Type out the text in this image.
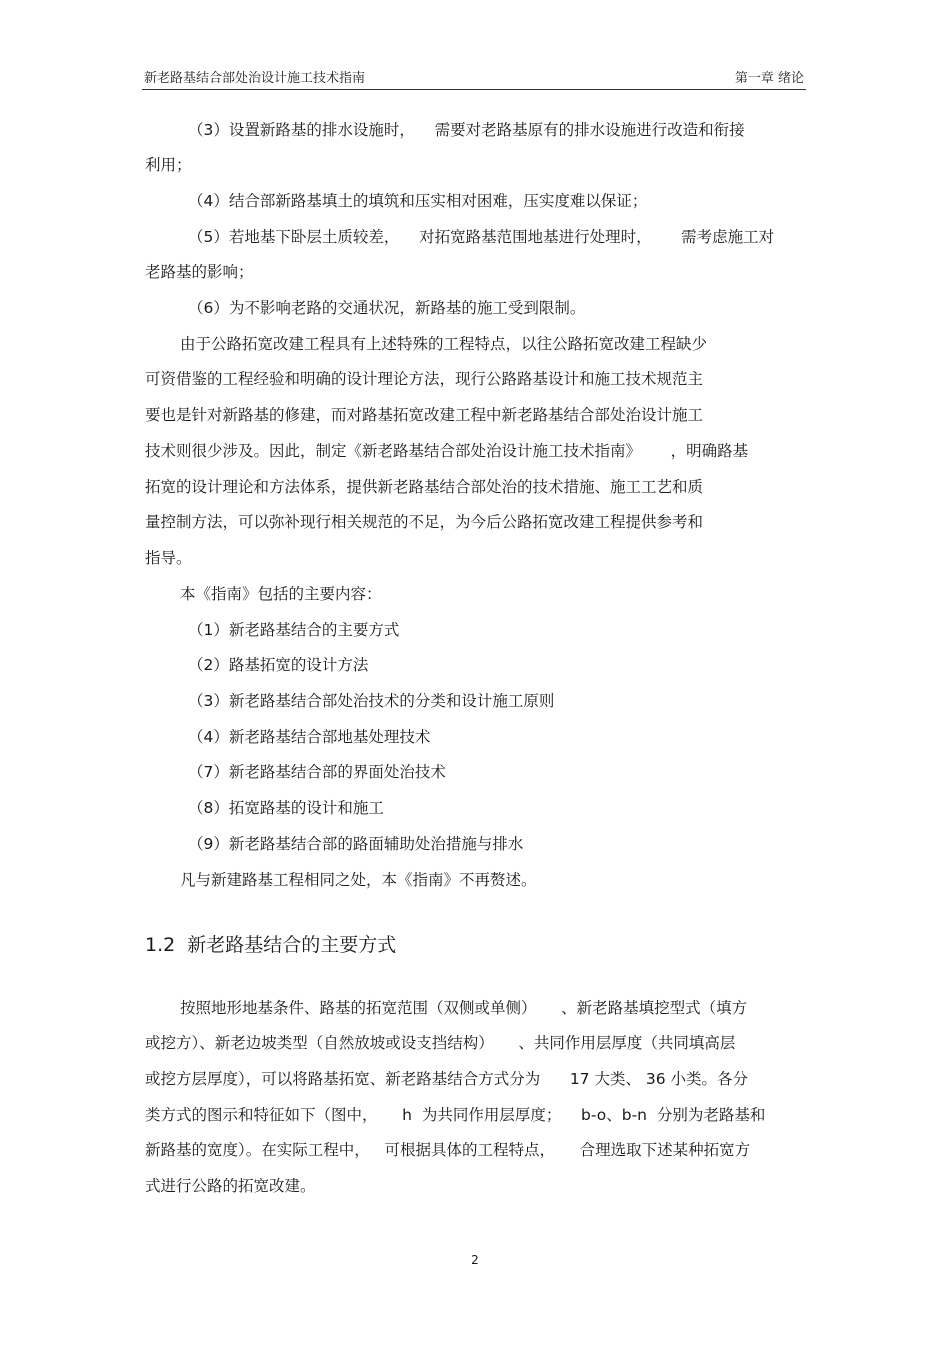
新老路基结合部处治设计施工技术指南	第一章 绪论
（3）设置新路基的排水设施时，    需要对老路基原有的排水设施进行改造和衔接
利用；
（4）结合部新路基填土的填筑和压实相对困难，压实度难以保证；
（5）若地基下卧层土质较差，    对拓宽路基范围地基进行处理时，      需考虑施工对
老路基的影响；
（6）为不影响老路的交通状况，新路基的施工受到限制。
由于公路拓宽改建工程具有上述特殊的工程特点，以往公路拓宽改建工程缺少
可资借鉴的工程经验和明确的设计理论方法，现行公路路基设计和施工技术规范主
要也是针对新路基的修建，而对路基拓宽改建工程中新老路基结合部处治设计施工
技术则很少涉及。因此，制定《新老路基结合部处治设计施工技术指南》      ，明确路基
拓宽的设计理论和方法体系，提供新老路基结合部处治的技术措施、施工工艺和质
量控制方法，可以弥补现行相关规范的不足，为今后公路拓宽改建工程提供参考和
指导。
本《指南》包括的主要内容：
（1）新老路基结合的主要方式
（2）路基拓宽的设计方法
（3）新老路基结合部处治技术的分类和设计施工原则
（4）新老路基结合部地基处理技术
（7）新老路基结合部的界面处治技术
（8）拓宽路基的设计和施工
（9）新老路基结合部的路面辅助处治措施与排水
凡与新建路基工程相同之处，本《指南》不再赘述。
1.2  新老路基结合的主要方式
按照地形地基条件、路基的拓宽范围（双侧或单侧）     、新老路基填挖型式（填方
或挖方）、新老边坡类型（自然放坡或设支挡结构）     、共同作用层厚度（共同填高层
或挖方层厚度），可以将路基拓宽、新老路基结合方式分为      17 大类、 36 小类。各分
类方式的图示和特征如下（图中，     h  为共同作用层厚度；    b-o、b-n  分别为老路基和
新路基的宽度）。在实际工程中，   可根据具体的工程特点，     合理选取下述某种拓宽方
式进行公路的拓宽改建。
2
